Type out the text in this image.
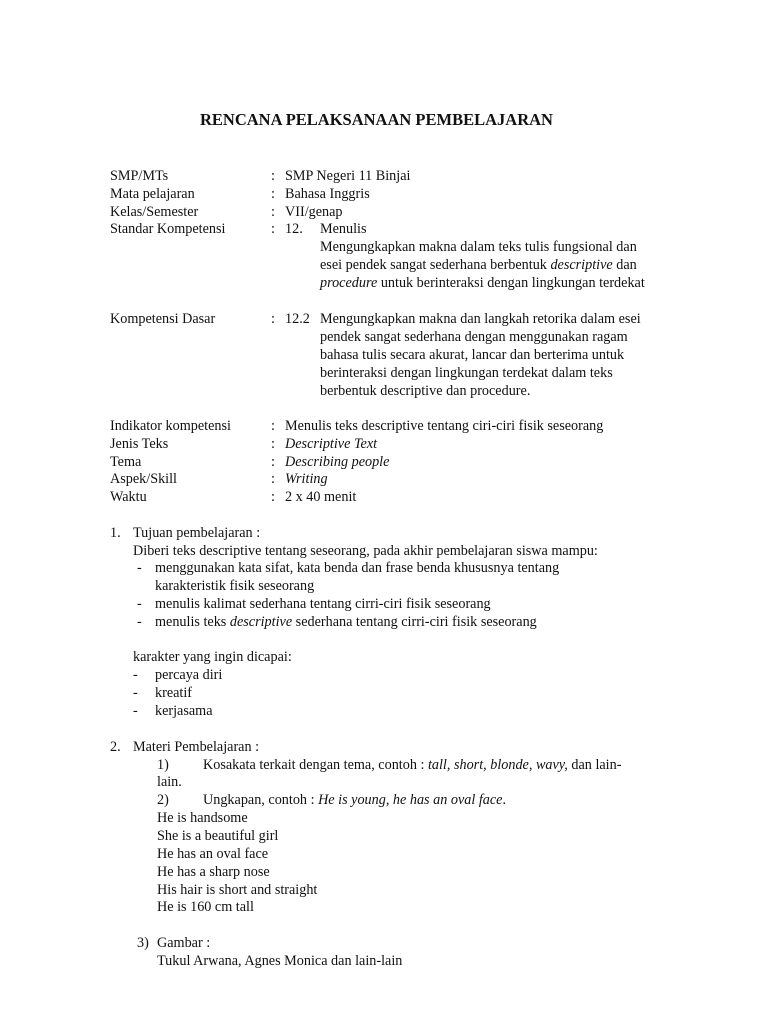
RENCANA PELAKSANAAN PEMBELAJARAN
SMP/MTs	: SMP Negeri 11 Binjai
Mata pelajaran	: Bahasa Inggris
Kelas/Semester	: VII/genap
Standar Kompetensi	: 12. Menulis
Mengungkapkan makna dalam teks tulis fungsional dan
esei pendek sangat sederhana berbentuk descriptive dan
procedure untuk berinteraksi dengan lingkungan terdekat
Kompetensi Dasar	: 12.2 Mengungkapkan makna dan langkah retorika dalam esei
pendek sangat sederhana dengan menggunakan ragam
bahasa tulis secara akurat, lancar dan berterima untuk
berinteraksi dengan lingkungan terdekat dalam teks
berbentuk descriptive dan procedure.
Indikator kompetensi	: Menulis teks descriptive tentang ciri-ciri fisik seseorang
Jenis Teks	: Descriptive Text
Tema	: Describing people
Aspek/Skill	: Writing
Waktu	: 2 x 40 menit
1. Tujuan pembelajaran :
Diberi teks descriptive tentang seseorang, pada akhir pembelajaran siswa mampu:
- menggunakan kata sifat, kata benda dan frase benda khususnya tentang
karakteristik fisik seseorang
- menulis kalimat sederhana tentang cirri-ciri fisik seseorang
- menulis teks descriptive sederhana tentang cirri-ciri fisik seseorang
karakter yang ingin dicapai:
- percaya diri
- kreatif
- kerjasama
2. Materi Pembelajaran :
1) Kosakata terkait dengan tema, contoh : tall, short, blonde, wavy, dan lain-
lain.
2) Ungkapan, contoh : He is young, he has an oval face.
He is handsome
She is a beautiful girl
He has an oval face
He has a sharp nose
His hair is short and straight
He is 160 cm tall
3) Gambar :
Tukul Arwana, Agnes Monica dan lain-lain
